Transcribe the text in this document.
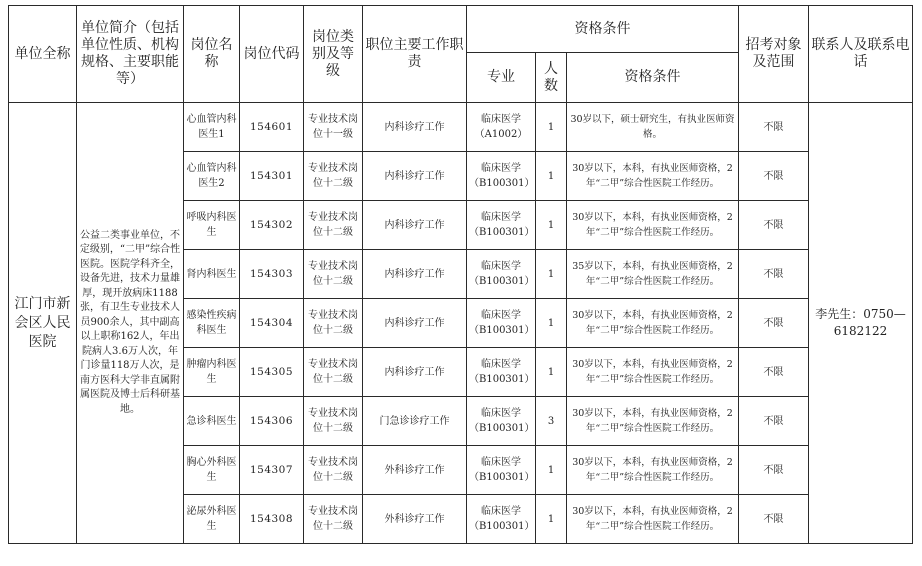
单位全称	单位简介（包括单位性质、机构规格、主要职能等）	岗位名称	岗位代码	岗位类别及等级	职位主要工作职责	资格条件			招考对象及范围	联系人及联系电话
						专业	人数	资格条件		
江门市新会区人民医院	公益二类事业单位，不定级别，“二甲”综合性医院。医院学科齐全，设备先进，技术力量雄厚，现开放病床1188张，有卫生专业技术人员900余人，其中副高以上职称162人，年出院病人3.6万人次，年门诊量118万人次，是南方医科大学非直属附属医院及博士后科研基地。	心血管内科医生1	154601	专业技术岗位十一级	内科诊疗工作	临床医学（A1002）	1	30岁以下，硕士研究生，有执业医师资格。	不限	李先生：0750—6182122
		心血管内科医生2	154301	专业技术岗位十二级	内科诊疗工作	临床医学（B100301）	1	30岁以下，本科，有执业医师资格，2年“二甲”综合性医院工作经历。	不限	
		呼吸内科医生	154302	专业技术岗位十二级	内科诊疗工作	临床医学（B100301）	1	30岁以下，本科，有执业医师资格，2年“二甲”综合性医院工作经历。	不限	
		肾内科医生	154303	专业技术岗位十二级	内科诊疗工作	临床医学（B100301）	1	35岁以下，本科，有执业医师资格，2年“二甲”综合性医院工作经历。	不限	
		感染性疾病科医生	154304	专业技术岗位十二级	内科诊疗工作	临床医学（B100301）	1	30岁以下，本科，有执业医师资格，2年“二甲”综合性医院工作经历。	不限	
		肿瘤内科医生	154305	专业技术岗位十二级	内科诊疗工作	临床医学（B100301）	1	30岁以下，本科，有执业医师资格，2年“二甲”综合性医院工作经历。	不限	
		急诊科医生	154306	专业技术岗位十二级	门急诊诊疗工作	临床医学（B100301）	3	30岁以下，本科，有执业医师资格，2年“二甲”综合性医院工作经历。	不限	
		胸心外科医生	154307	专业技术岗位十二级	外科诊疗工作	临床医学（B100301）	1	30岁以下，本科，有执业医师资格，2年“二甲”综合性医院工作经历。	不限	
		泌尿外科医生	154308	专业技术岗位十二级	外科诊疗工作	临床医学（B100301）	1	30岁以下，本科，有执业医师资格，2年“二甲”综合性医院工作经历。	不限	
